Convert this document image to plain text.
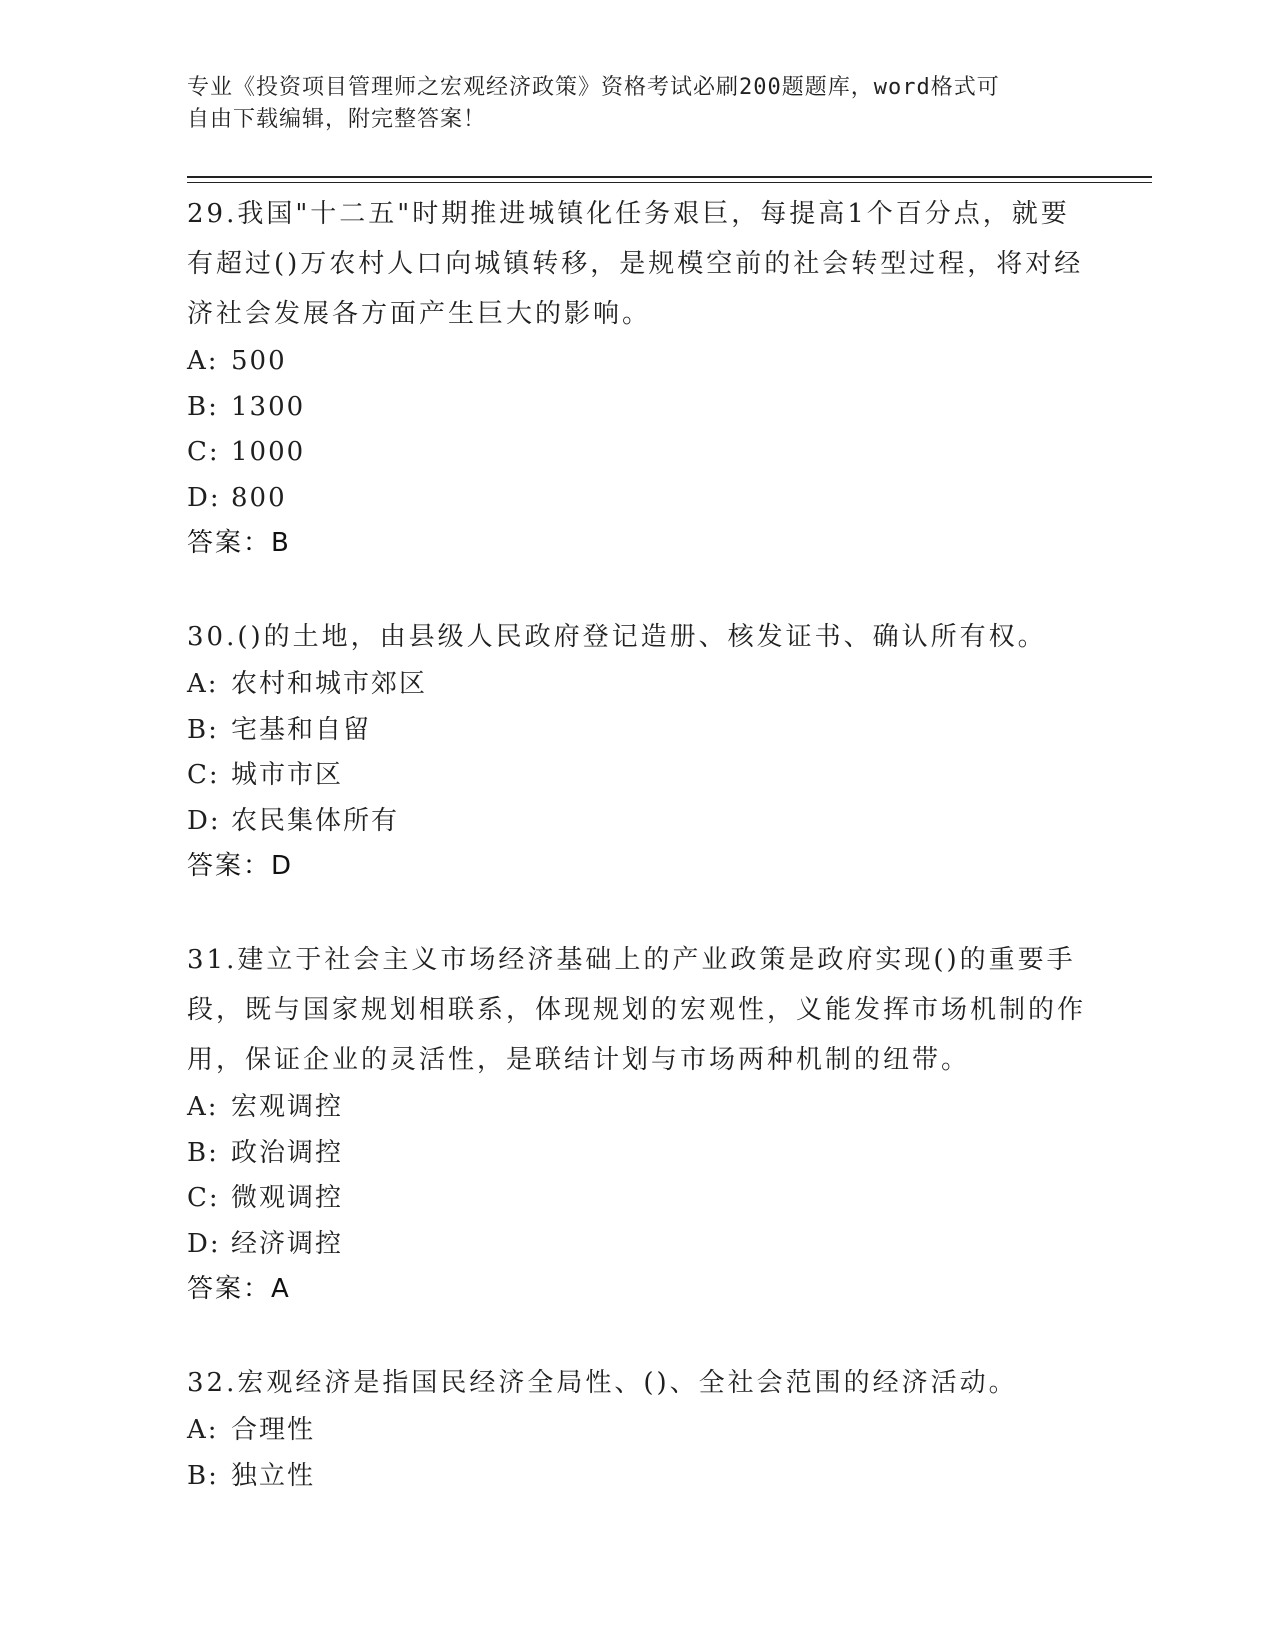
专业《投资项目管理师之宏观经济政策》资格考试必刷200题题库，word格式可
自由下载编辑，附完整答案！

29.我国"十二五"时期推进城镇化任务艰巨，每提高1个百分点，就要有超过()万农村人口向城镇转移，是规模空前的社会转型过程，将对经济社会发展各方面产生巨大的影响。

A: 500

B: 1300

C: 1000

D: 800

答案：B

30.()的土地，由县级人民政府登记造册、核发证书、确认所有权。

A: 农村和城市郊区

B: 宅基和自留

C: 城市市区

D: 农民集体所有

答案：D

31.建立于社会主义市场经济基础上的产业政策是政府实现()的重要手段，既与国家规划相联系，体现规划的宏观性，义能发挥市场机制的作用，保证企业的灵活性，是联结计划与市场两种机制的纽带。

A: 宏观调控

B: 政治调控

C: 微观调控

D: 经济调控

答案：A

32.宏观经济是指国民经济全局性、()、全社会范围的经济活动。

A: 合理性

B: 独立性
